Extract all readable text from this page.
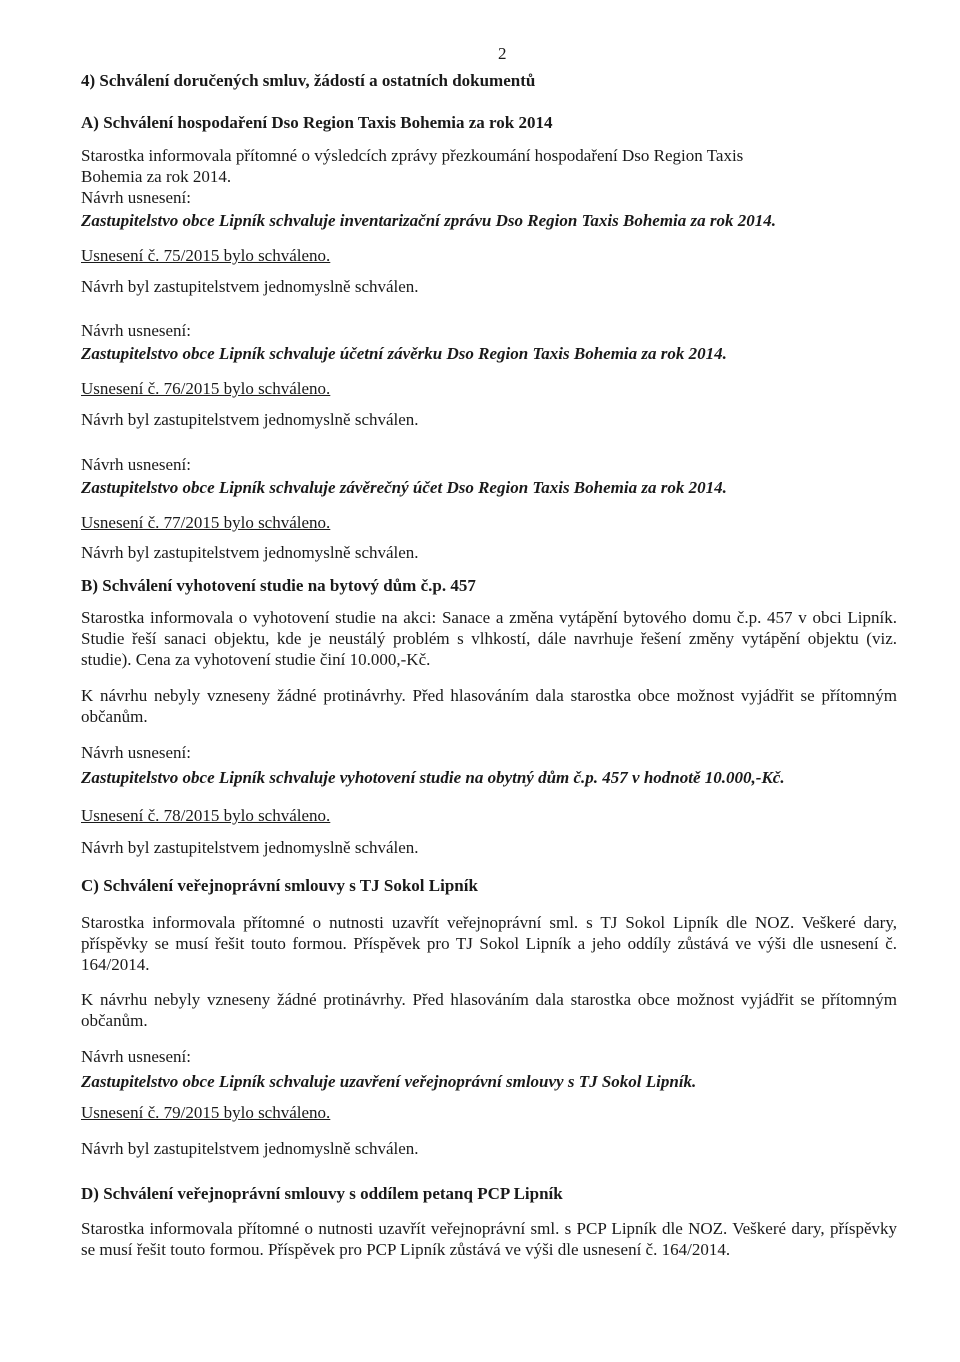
2
4) Schválení doručených smluv, žádostí a ostatních dokumentů
A) Schválení hospodaření Dso Region Taxis Bohemia za rok 2014
Starostka informovala přítomné o výsledcích zprávy přezkoumání hospodaření Dso Region Taxis
Bohemia za rok 2014.
Návrh usnesení:
Zastupitelstvo obce Lipník schvaluje inventarizační zprávu Dso Region Taxis Bohemia za rok 2014.
Usnesení č. 75/2015 bylo schváleno.
Návrh byl zastupitelstvem jednomyslně schválen.
Návrh usnesení:
Zastupitelstvo obce Lipník schvaluje účetní závěrku Dso Region Taxis Bohemia za rok 2014.
Usnesení č. 76/2015 bylo schváleno.
Návrh byl zastupitelstvem jednomyslně schválen.
Návrh usnesení:
Zastupitelstvo obce Lipník schvaluje závěrečný účet Dso Region Taxis Bohemia za rok 2014.
Usnesení č. 77/2015 bylo schváleno.
Návrh byl zastupitelstvem jednomyslně schválen.
B) Schválení vyhotovení studie na bytový dům č.p. 457
Starostka informovala o vyhotovení studie na akci: Sanace a změna vytápění bytového domu č.p. 457 v obci Lipník. Studie řeší sanaci objektu, kde je neustálý problém s vlhkostí, dále navrhuje řešení změny vytápění objektu (viz. studie). Cena za vyhotovení studie činí 10.000,-Kč.
K návrhu nebyly vzneseny žádné protinávrhy. Před hlasováním dala starostka obce možnost vyjádřit se přítomným občanům.
Návrh usnesení:
Zastupitelstvo obce Lipník schvaluje vyhotovení studie na obytný dům č.p. 457 v hodnotě 10.000,-Kč.
Usnesení č. 78/2015 bylo schváleno.
Návrh byl zastupitelstvem jednomyslně schválen.
C) Schválení veřejnoprávní smlouvy s TJ Sokol Lipník
Starostka informovala přítomné o nutnosti uzavřít veřejnoprávní sml. s TJ Sokol Lipník dle NOZ. Veškeré dary, příspěvky se musí řešit touto formou. Příspěvek pro TJ Sokol Lipník a jeho oddíly zůstává ve výši dle usnesení č. 164/2014.
K návrhu nebyly vzneseny žádné protinávrhy. Před hlasováním dala starostka obce možnost vyjádřit se přítomným občanům.
Návrh usnesení:
Zastupitelstvo obce Lipník schvaluje uzavření veřejnoprávní smlouvy s TJ Sokol Lipník.
Usnesení č. 79/2015 bylo schváleno.
Návrh byl zastupitelstvem jednomyslně schválen.
D) Schválení veřejnoprávní smlouvy s oddílem petanq PCP Lipník
Starostka informovala přítomné o nutnosti uzavřít veřejnoprávní sml. s PCP Lipník dle NOZ. Veškeré dary, příspěvky se musí řešit touto formou. Příspěvek pro PCP Lipník zůstává ve výši dle usnesení č. 164/2014.
